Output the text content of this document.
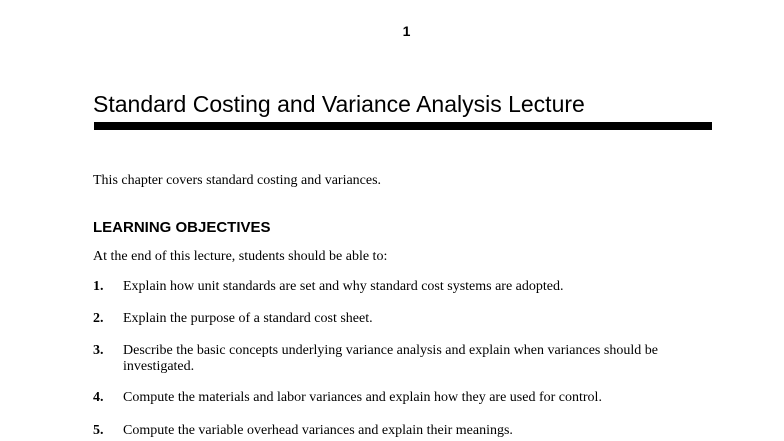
1
Standard Costing and Variance Analysis Lecture
This chapter covers standard costing and variances.
LEARNING OBJECTIVES
At the end of this lecture, students should be able to:
1. Explain how unit standards are set and why standard cost systems are adopted.
2. Explain the purpose of a standard cost sheet.
3. Describe the basic concepts underlying variance analysis and explain when variances should be investigated.
4. Compute the materials and labor variances and explain how they are used for control.
5. Compute the variable overhead variances and explain their meanings.
